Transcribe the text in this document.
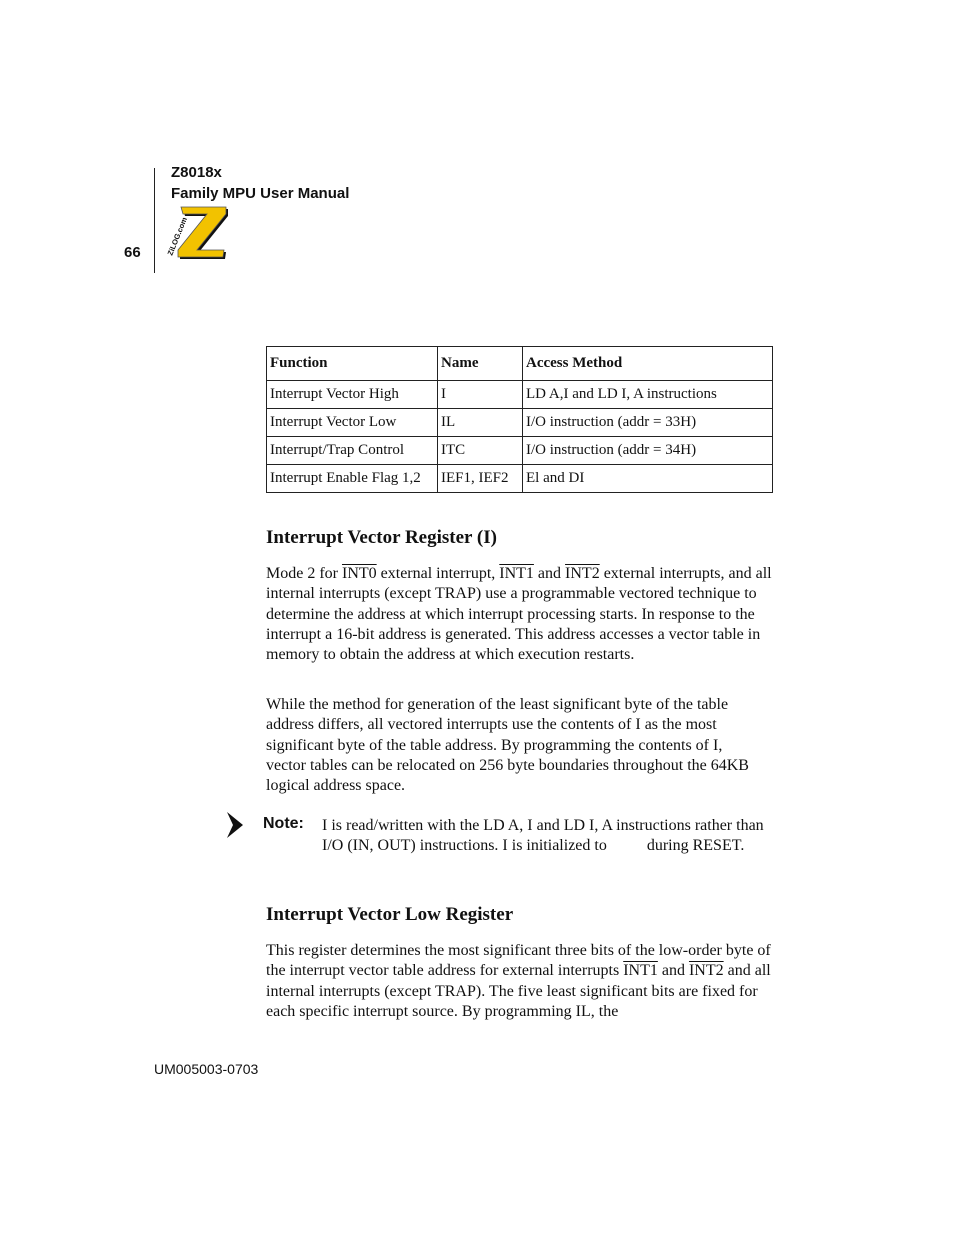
Z8018x
Family MPU User Manual
66	ZiLOG.com
Function	Name	Access Method
Interrupt Vector High	I	LD A,I and LD I, A instructions
Interrupt Vector Low	IL	I/O instruction (addr = 33H)
Interrupt/Trap Control	ITC	I/O instruction (addr = 34H)
Interrupt Enable Flag 1,2	IEF1, IEF2	El and DI
Interrupt Vector Register (I)

Mode 2 for INT0 external interrupt, INT1 and INT2 external interrupts, and all internal interrupts (except TRAP) use a programmable vectored technique to determine the address at which interrupt processing starts. In response to the interrupt a 16-bit address is generated. This address accesses a vector table in memory to obtain the address at which execution restarts.

While the method for generation of the least significant byte of the table address differs, all vectored interrupts use the contents of I as the most significant byte of the table address. By programming the contents of I, vector tables can be relocated on 256 byte boundaries throughout the 64KB logical address space.

Note: I is read/written with the LD A, I and LD I, A instructions rather than I/O (IN, OUT) instructions. I is initialized to          during RESET.

Interrupt Vector Low Register

This register determines the most significant three bits of the low-order byte of the interrupt vector table address for external interrupts INT1 and INT2 and all internal interrupts (except TRAP). The five least significant bits are fixed for each specific interrupt source. By programming IL, the

UM005003-0703
